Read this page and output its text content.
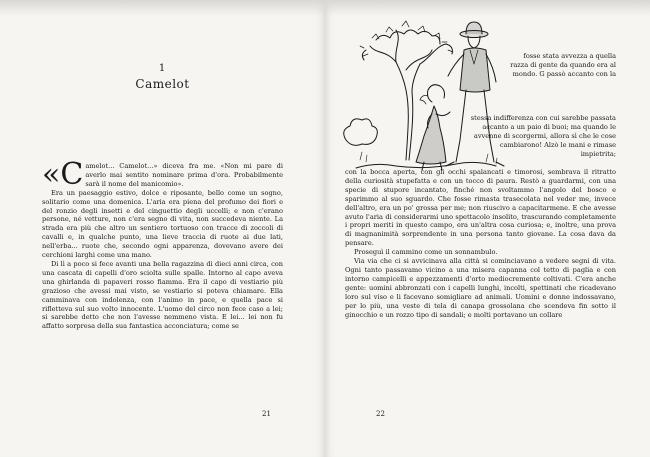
1
Camelot
«C amelot... Camelot...» diceva fra me. «Non mi pare di averlo mai sentito nominare prima d'ora. Probabilmente sarà il nome del manicomio».

Era un paesaggio estivo, dolce e riposante, bello come un sogno, solitario come una domenica. L'aria era piena del profumo dei fiori e del ronzio degli insetti e del cinguettio degli uccelli; e non c'erano persone, né vetture, non c'era segno di vita, non succedeva niente. La strada era più che altro un sentiero tortuoso con tracce di zoccoli di cavalli e, in qualche punto, una lieve traccia di ruote ai due lati, nell'erba... ruote che, secondo ogni apparenza, dovevano avere dei cerchioni larghi come una mano.

Di lì a poco si fece avanti una bella ragazzina di dieci anni circa, con una cascata di capelli d'oro sciolta sulle spalle. Intorno al capo aveva una ghirlanda di papaveri rosso fiamma. Era il capo di vestiario più grazioso che avessi mai visto, se vestiario si poteva chiamare. Ella camminava con indolenza, con l'animo in pace, e quella pace si rifletteva sul suo volto innocente. L'uomo del circo non fece caso a lei; si sarebbe detto che non l'avesse nemmeno vista. E lei... lei non fu affatto sorpresa della sua fantastica acconciatura; come se

21
fosse stata avvezza a quella razza di gente da quando era al mondo. G passò accanto con la
stessa indifferenza con cui sarebbe passata accanto a un paio di buoi; ma quando le avvenne di scorgermi, allora sì che le cose cambiarono! Alzò le mani e rimase impietrita;

con la bocca aperta, con gli occhi spalancati e timorosi, sembrava il ritratto della curiosità stupefatta e con un tocco di paura. Restò a guardarmi, con una specie di stupore incantato, finché non svoltammo l'angolo del bosco e sparimmo al suo sguardo. Che fosse rimasta trasecolata nel veder me, invece dell'altro, era un po' grossa per me; non riuscivo a capacitarmene. E che avesse avuto l'aria di considerarmi uno spettacolo insolito, trascurando completamente i propri meriti in questo campo, era un'altra cosa curiosa; e, inoltre, una prova di magnanimità sorprendente in una persona tanto giovane. La cosa dava da pensare.

Proseguì il cammino come un sonnambulo.

Via via che ci si avvicinava alla città si cominciavano a vedere segni di vita. Ogni tanto passavamo vicino a una misera capanna col tetto di paglia e con intorno campicelli e appezzamenti d'orto mediocremente coltivati. C'era anche gente: uomini abbronzati con i capelli lunghi, incolti, spettinati che ricadevano loro sul viso e li facevano somigliare ad animali. Uomini e donne indossavano, per lo più, una veste di tela di canapa grossolana che scendeva fin sotto il ginocchio e un rozzo tipo di sandali; e molti portavano un collare

22
